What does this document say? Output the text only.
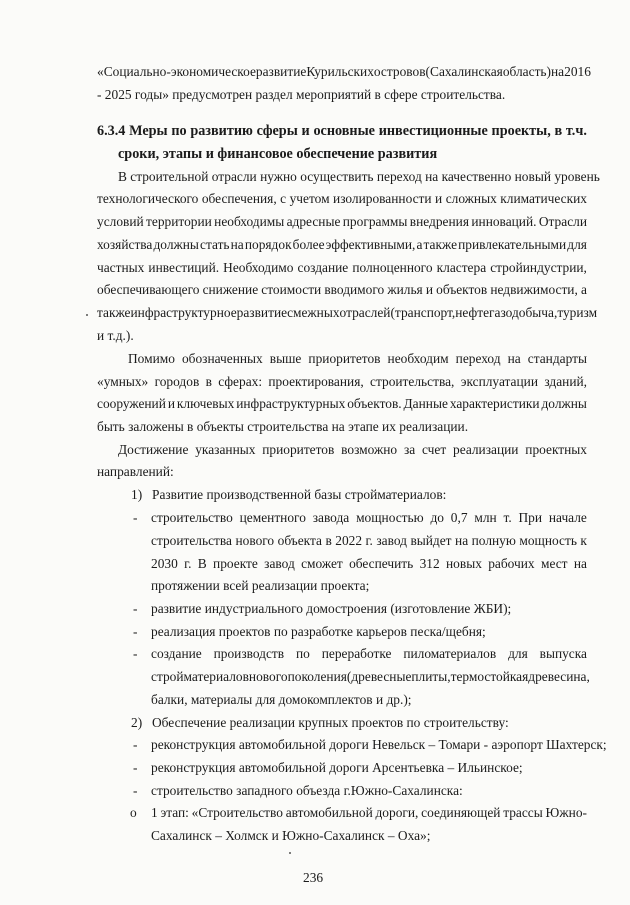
«Социально-экономическое развитие Курильских островов (Сахалинская область) на 2016
- 2025 годы» предусмотрен раздел мероприятий в сфере строительства.
6.3.4 Меры по развитию сферы и основные инвестиционные проекты, в т.ч.
сроки, этапы и финансовое обеспечение развития
В строительной отрасли нужно осуществить переход на качественно новый уровень
технологического обеспечения, с учетом изолированности и сложных климатических
условий территории необходимы адресные программы внедрения инноваций. Отрасли
хозяйства должны стать на порядок более эффективными, а также привлекательными для
частных инвестиций. Необходимо создание полноценного кластера стройиндустрии,
обеспечивающего снижение стоимости вводимого жилья и объектов недвижимости, а
также инфраструктурное развитие смежных отраслей (транспорт, нефтегазодобыча, туризм
и т.д.).
Помимо обозначенных выше приоритетов необходим переход на стандарты
«умных» городов в сферах: проектирования, строительства, эксплуатации зданий,
сооружений и ключевых инфраструктурных объектов. Данные характеристики должны
быть заложены в объекты строительства на этапе их реализации.
Достижение указанных приоритетов возможно за счет реализации проектных
направлений:
1) Развитие производственной базы стройматериалов:
- строительство цементного завода мощностью до 0,7 млн т. При начале
строительства нового объекта в 2022 г. завод выйдет на полную мощность к
2030 г. В проекте завод сможет обеспечить 312 новых рабочих мест на
протяжении всей реализации проекта;
- развитие индустриального домостроения (изготовление ЖБИ);
- реализация проектов по разработке карьеров песка/щебня;
- создание производств по переработке пиломатериалов для выпуска
стройматериалов нового поколения (древесные плиты, термостойкая древесина,
балки, материалы для домокомплектов и др.);
2) Обеспечение реализации крупных проектов по строительству:
- реконструкция автомобильной дороги Невельск – Томари - аэропорт Шахтерск;
- реконструкция автомобильной дороги Арсентьевка – Ильинское;
- строительство западного объезда г.Южно-Сахалинска:
o 1 этап: «Строительство автомобильной дороги, соединяющей трассы Южно-
Сахалинск – Холмск и Южно-Сахалинск – Оха»;
236
